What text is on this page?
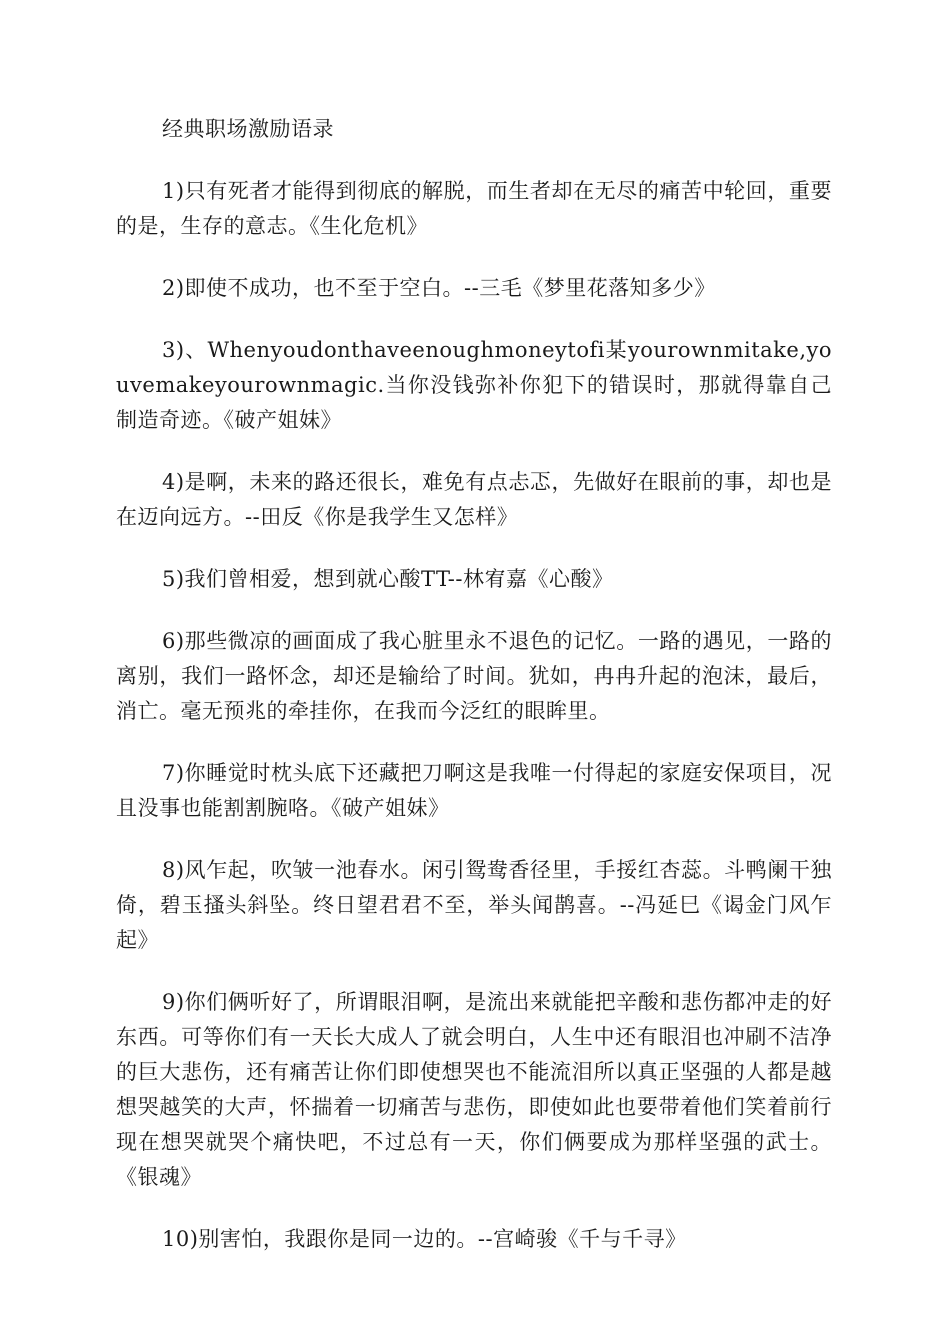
经典职场激励语录

1)只有死者才能得到彻底的解脱，而生者却在无尽的痛苦中轮回，重要的是，生存的意志。《生化危机》

2)即使不成功，也不至于空白。--三毛《梦里花落知多少》

3)、Whenyoudonthaveenoughmoneytofi某yourownmitake,youvemakeyourownmagic.当你没钱弥补你犯下的错误时，那就得靠自己制造奇迹。《破产姐妹》

4)是啊，未来的路还很长，难免有点忐忑，先做好在眼前的事，却也是在迈向远方。--田反《你是我学生又怎样》

5)我们曾相爱，想到就心酸TT--林宥嘉《心酸》

6)那些微凉的画面成了我心脏里永不退色的记忆。一路的遇见，一路的离别，我们一路怀念，却还是输给了时间。犹如，冉冉升起的泡沫，最后，消亡。毫无预兆的牵挂你，在我而今泛红的眼眸里。

7)你睡觉时枕头底下还藏把刀啊这是我唯一付得起的家庭安保项目，况且没事也能割割腕咯。《破产姐妹》

8)风乍起，吹皱一池春水。闲引鸳鸯香径里，手挼红杏蕊。斗鸭阑干独倚，碧玉搔头斜坠。终日望君君不至，举头闻鹊喜。--冯延巳《谒金门风乍起》

9)你们俩听好了，所谓眼泪啊，是流出来就能把辛酸和悲伤都冲走的好东西。可等你们有一天长大成人了就会明白，人生中还有眼泪也冲刷不洁净的巨大悲伤，还有痛苦让你们即使想哭也不能流泪所以真正坚强的人都是越想哭越笑的大声，怀揣着一切痛苦与悲伤，即使如此也要带着他们笑着前行现在想哭就哭个痛快吧，不过总有一天，你们俩要成为那样坚强的武士。《银魂》

10)别害怕，我跟你是同一边的。--宫崎骏《千与千寻》
